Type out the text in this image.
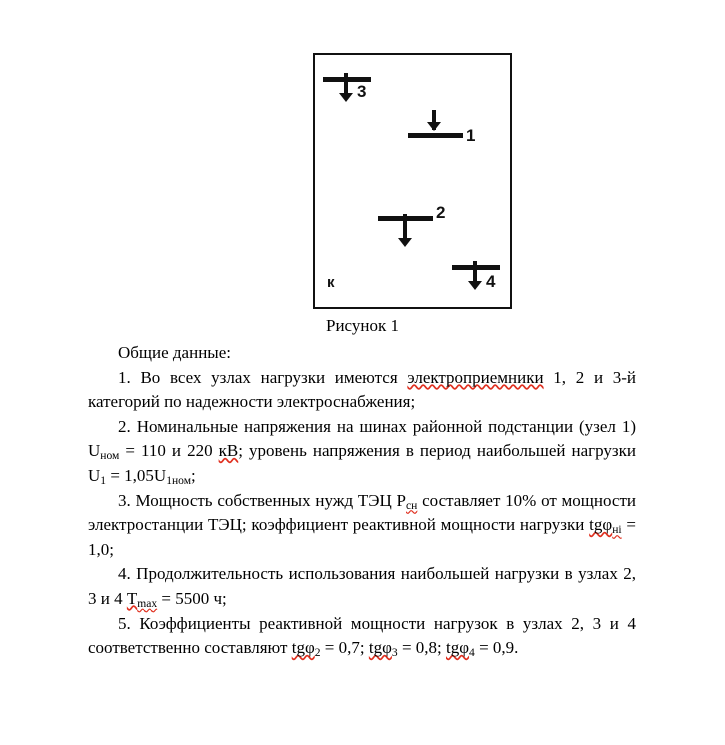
3
1
2
4
к
Рисунок 1

Общие данные:

1. Во всех узлах нагрузки имеются электроприемники 1, 2 и 3-й категорий по надежности электроснабжения;

2. Номинальные напряжения на шинах районной подстанции (узел 1) $U_{ном} = 110$ и 220 кВ; уровень напряжения в период наибольшей нагрузки $U_1 = 1,05U_{1ном}$;

3. Мощность собственных нужд ТЭЦ $Р_{сн}$ составляет 10% от мощности электростанции ТЭЦ; коэффициент реактивной мощности нагрузки tgφ$_{нi}$ = 1,0;

4. Продолжительность использования наибольшей нагрузки в узлах 2, 3 и 4 $Т_{max} = 5500$ ч;

5. Коэффициенты реактивной мощности нагрузок в узлах 2, 3 и 4 соответственно составляют tgφ$_2$ = 0,7; tgφ$_3$ = 0,8; tgφ$_4$ = 0,9.
